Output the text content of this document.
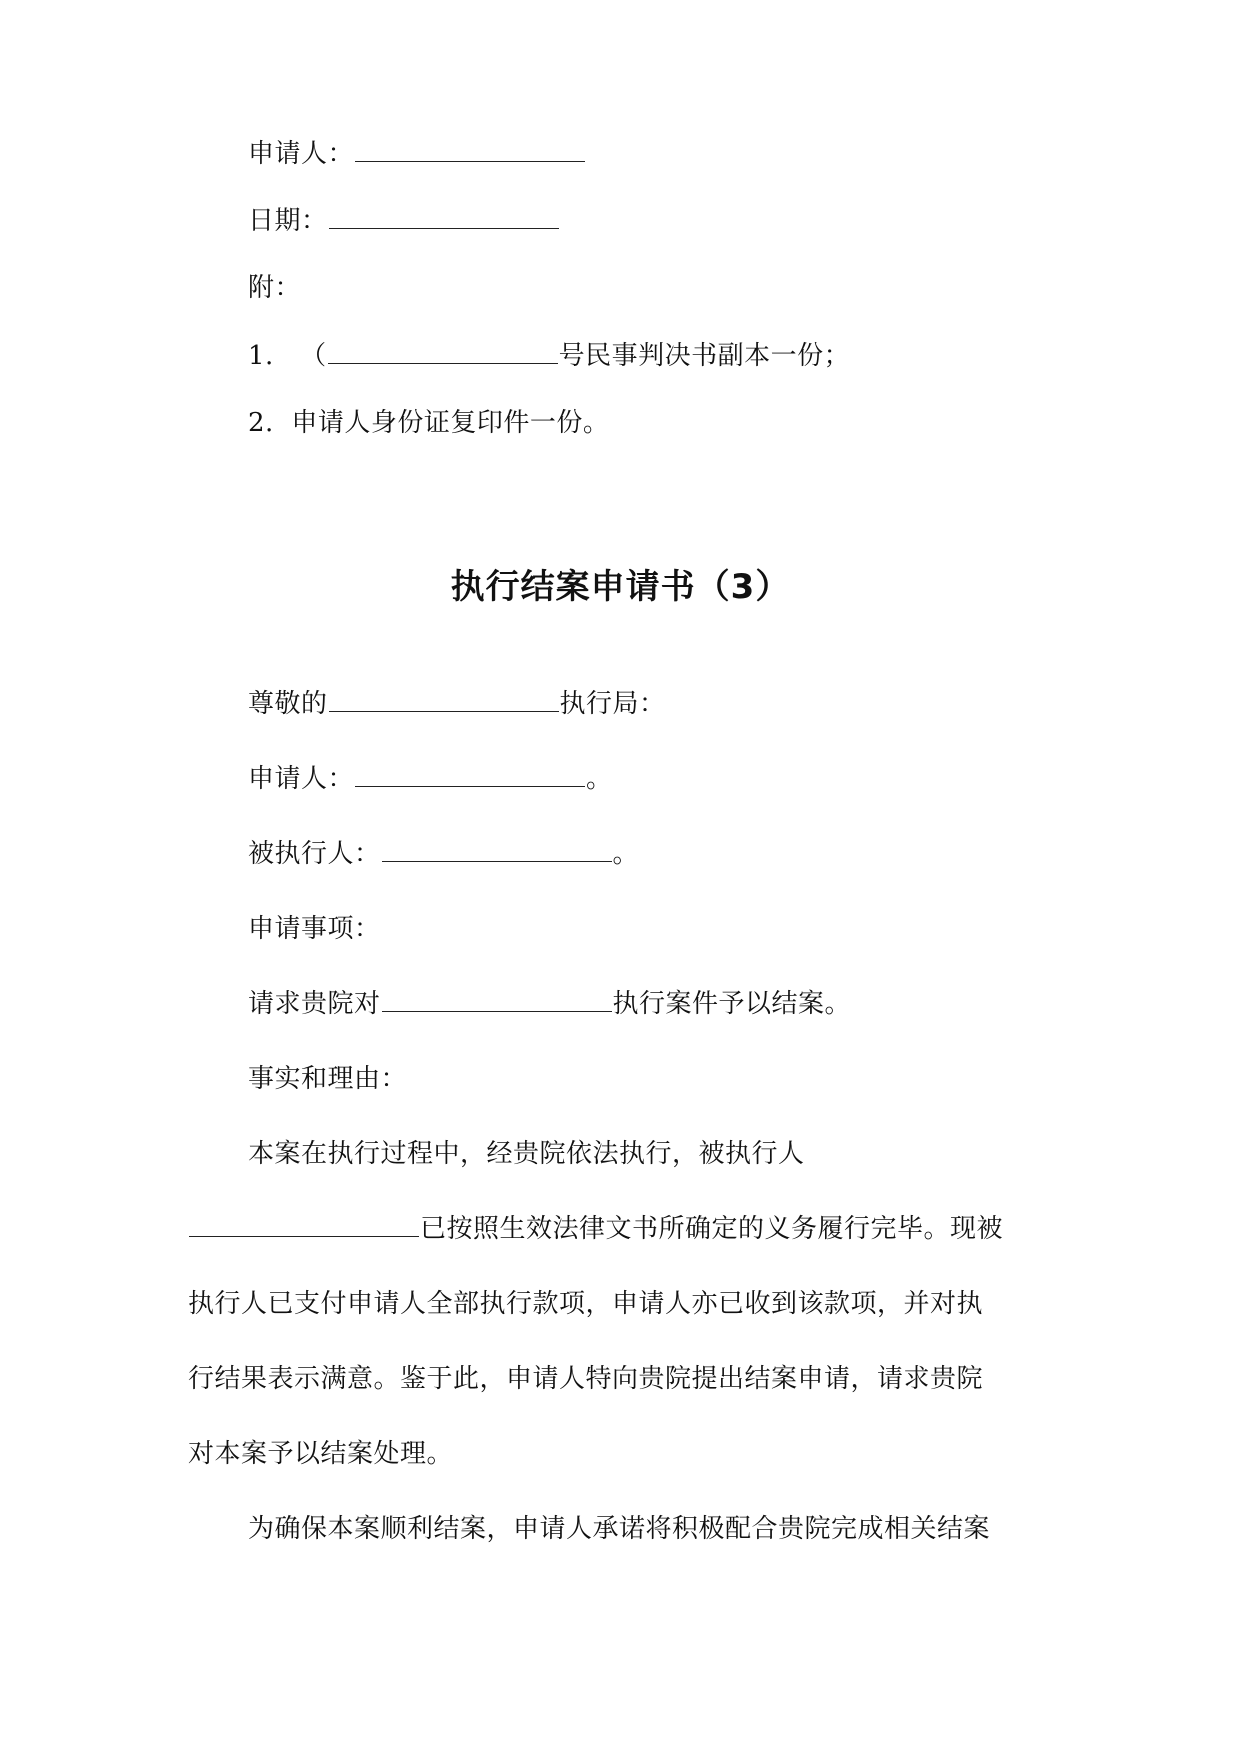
申请人：
日期：
附：
1. （	号民事判决书副本一份；
2. 申请人身份证复印件一份。
执行结案申请书（3）
尊敬的	执行局：
申请人：	。
被执行人：	。
申请事项：
请求贵院对	执行案件予以结案。
事实和理由：
本案在执行过程中，经贵院依法执行，被执行人
已按照生效法律文书所确定的义务履行完毕。现被
执行人已支付申请人全部执行款项，申请人亦已收到该款项，并对执
行结果表示满意。鉴于此，申请人特向贵院提出结案申请，请求贵院
对本案予以结案处理。
为确保本案顺利结案，申请人承诺将积极配合贵院完成相关结案
